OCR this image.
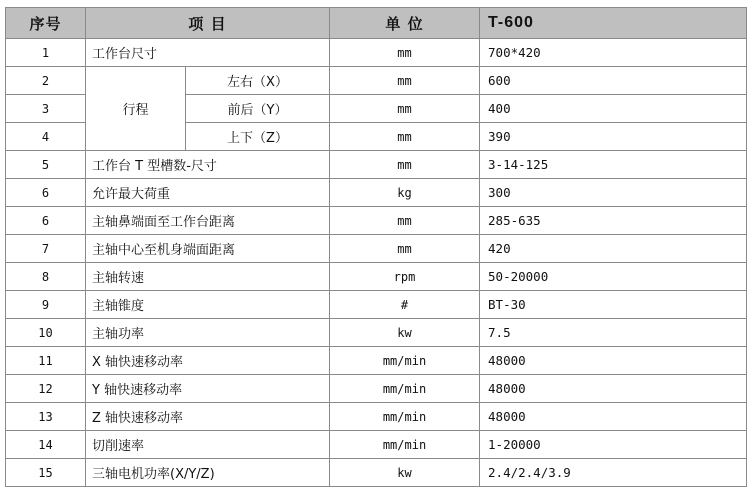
序号	项 目		单 位	T-600
1	工作台尺寸		mm	700*420
2	行程	左右（X）	mm	600
3		前后（Y）	mm	400
4		上下（Z）	mm	390
5	工作台 T 型槽数-尺寸		mm	3-14-125
6	允许最大荷重		kg	300
6	主轴鼻端面至工作台距离		mm	285-635
7	主轴中心至机身端面距离		mm	420
8	主轴转速		rpm	50-20000
9	主轴锥度		#	BT-30
10	主轴功率		kw	7.5
11	X 轴快速移动率		mm/min	48000
12	Y 轴快速移动率		mm/min	48000
13	Z 轴快速移动率		mm/min	48000
14	切削速率		mm/min	1-20000
15	三轴电机功率(X/Y/Z)		kw	2.4/2.4/3.9
